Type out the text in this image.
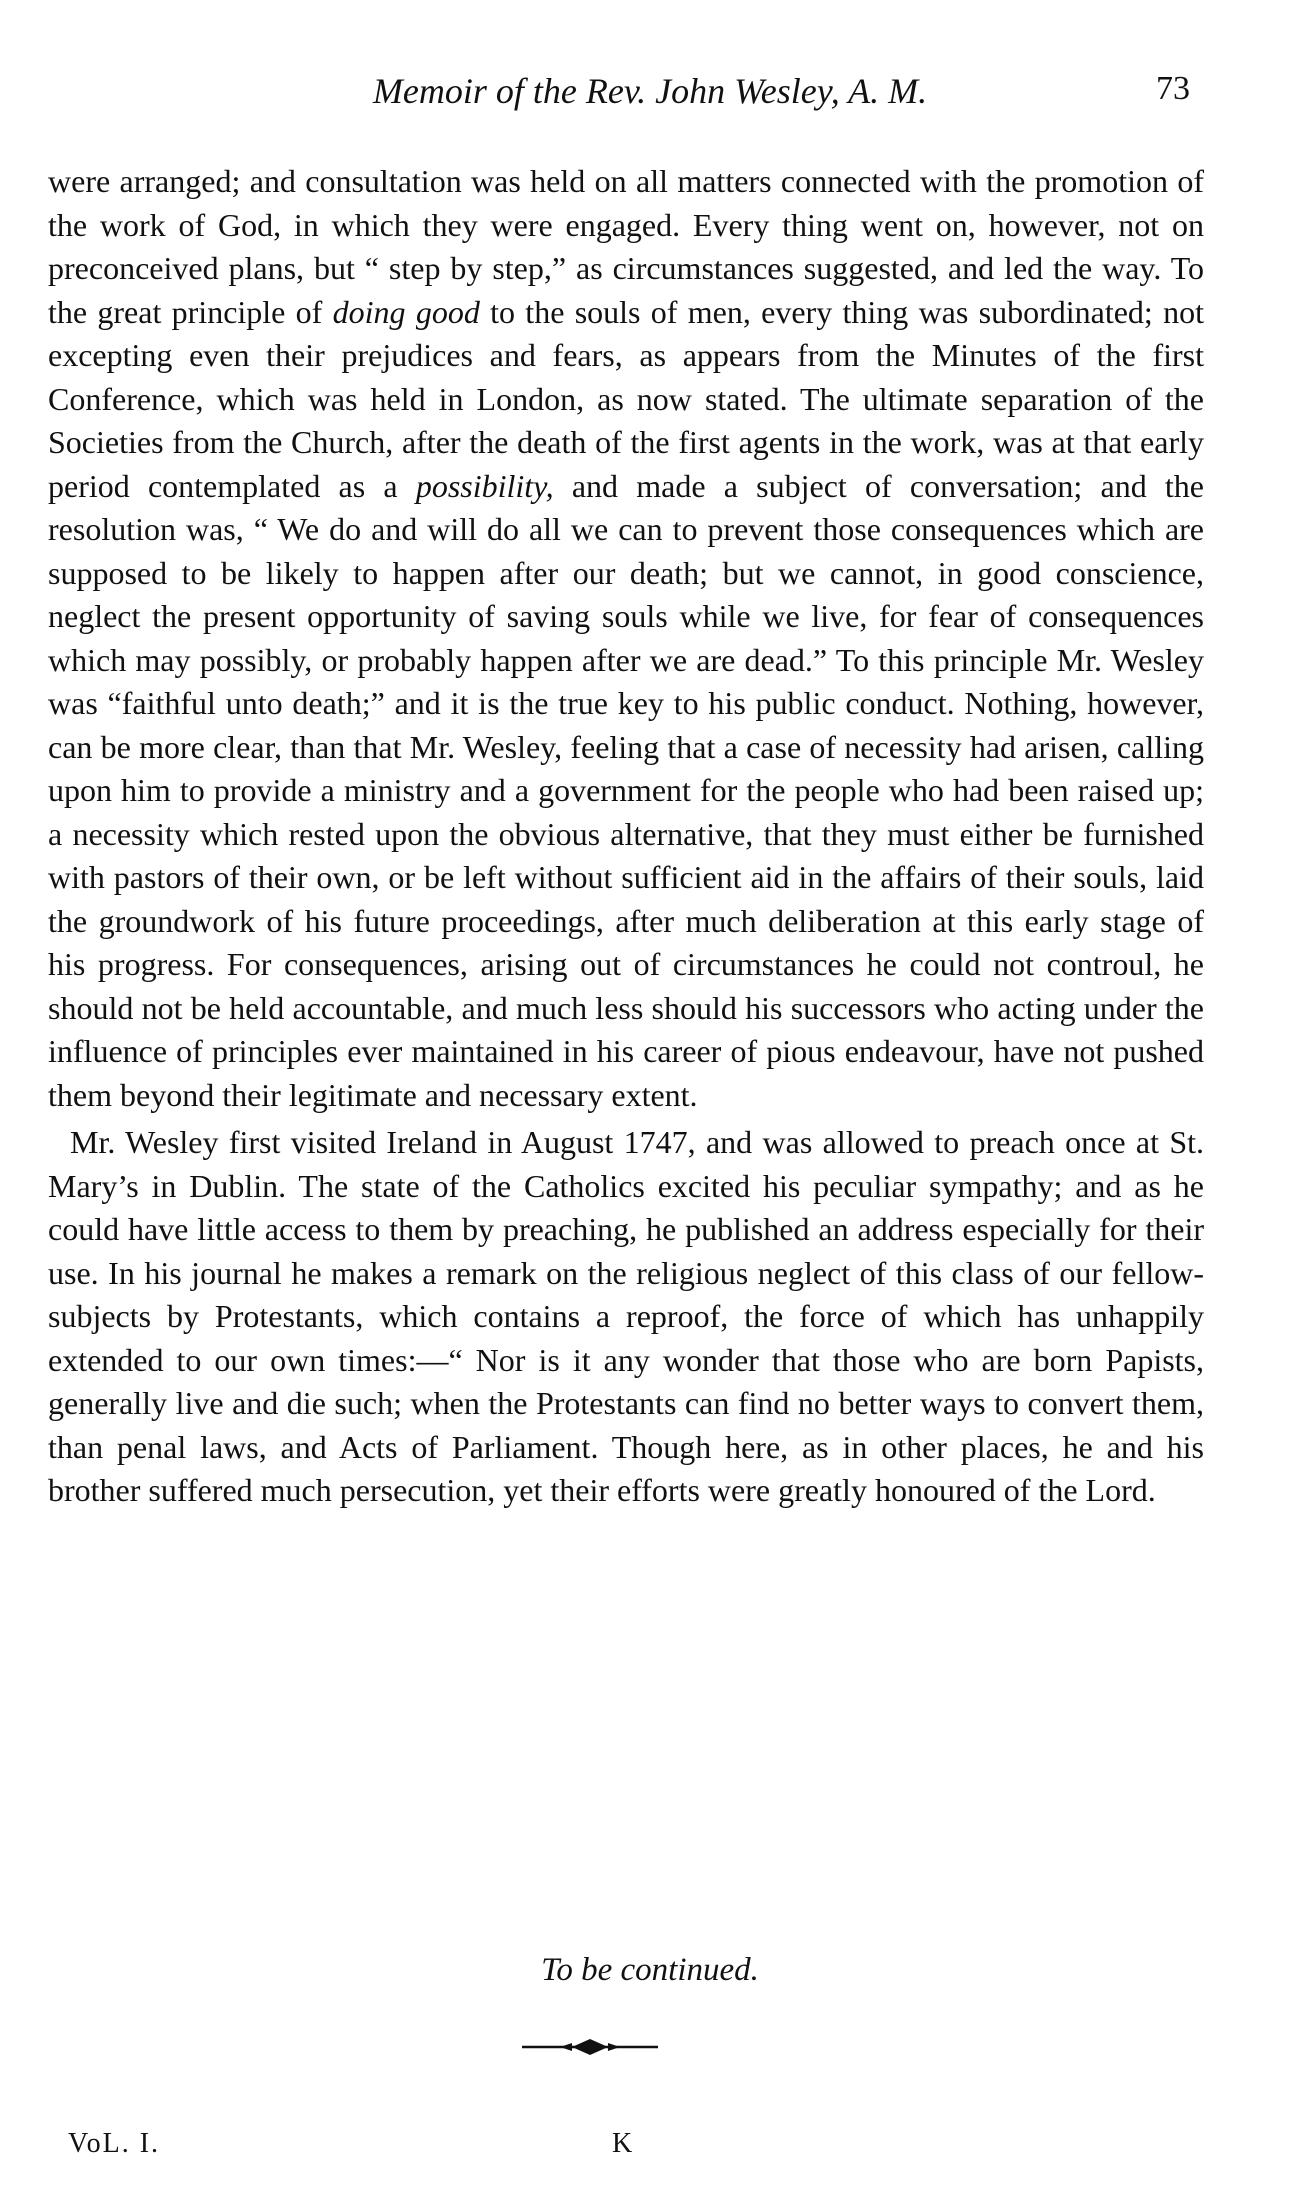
Memoir of the Rev. John Wesley, A. M.	73

were arranged; and consultation was held on all matters connected with the promotion of the work of God, in which they were engaged. Every thing went on, however, not on preconceived plans, but “ step by step,” as circumstances suggested, and led the way. To the great principle of doing good to the souls of men, every thing was subordinated; not excepting even their prejudices and fears, as appears from the Minutes of the first Conference, which was held in London, as now stated. The ultimate separation of the Societies from the Church, after the death of the first agents in the work, was at that early period contemplated as a possibility, and made a subject of conversation; and the resolution was, “ We do and will do all we can to prevent those consequences which are supposed to be likely to happen after our death; but we cannot, in good conscience, neglect the present opportunity of saving souls while we live, for fear of consequences which may possibly, or probably happen after we are dead.” To this principle Mr. Wesley was “faithful unto death;” and it is the true key to his public conduct. Nothing, however, can be more clear, than that Mr. Wesley, feeling that a case of necessity had arisen, calling upon him to provide a ministry and a government for the people who had been raised up; a necessity which rested upon the obvious alternative, that they must either be furnished with pastors of their own, or be left without sufficient aid in the affairs of their souls, laid the groundwork of his future proceedings, after much deliberation at this early stage of his progress. For consequences, arising out of circumstances he could not controul, he should not be held accountable, and much less should his successors who acting under the influence of principles ever maintained in his career of pious endeavour, have not pushed them beyond their legitimate and necessary extent.

Mr. Wesley first visited Ireland in August 1747, and was allowed to preach once at St. Mary’s in Dublin. The state of the Catholics excited his peculiar sympathy; and as he could have little access to them by preaching, he published an address especially for their use. In his journal he makes a remark on the religious neglect of this class of our fellow-subjects by Protestants, which contains a reproof, the force of which has unhappily extended to our own times:—“ Nor is it any wonder that those who are born Papists, generally live and die such; when the Protestants can find no better ways to convert them, than penal laws, and Acts of Parliament. Though here, as in other places, he and his brother suffered much persecution, yet their efforts were greatly honoured of the Lord.

To be continued.
VoL. I.	K
